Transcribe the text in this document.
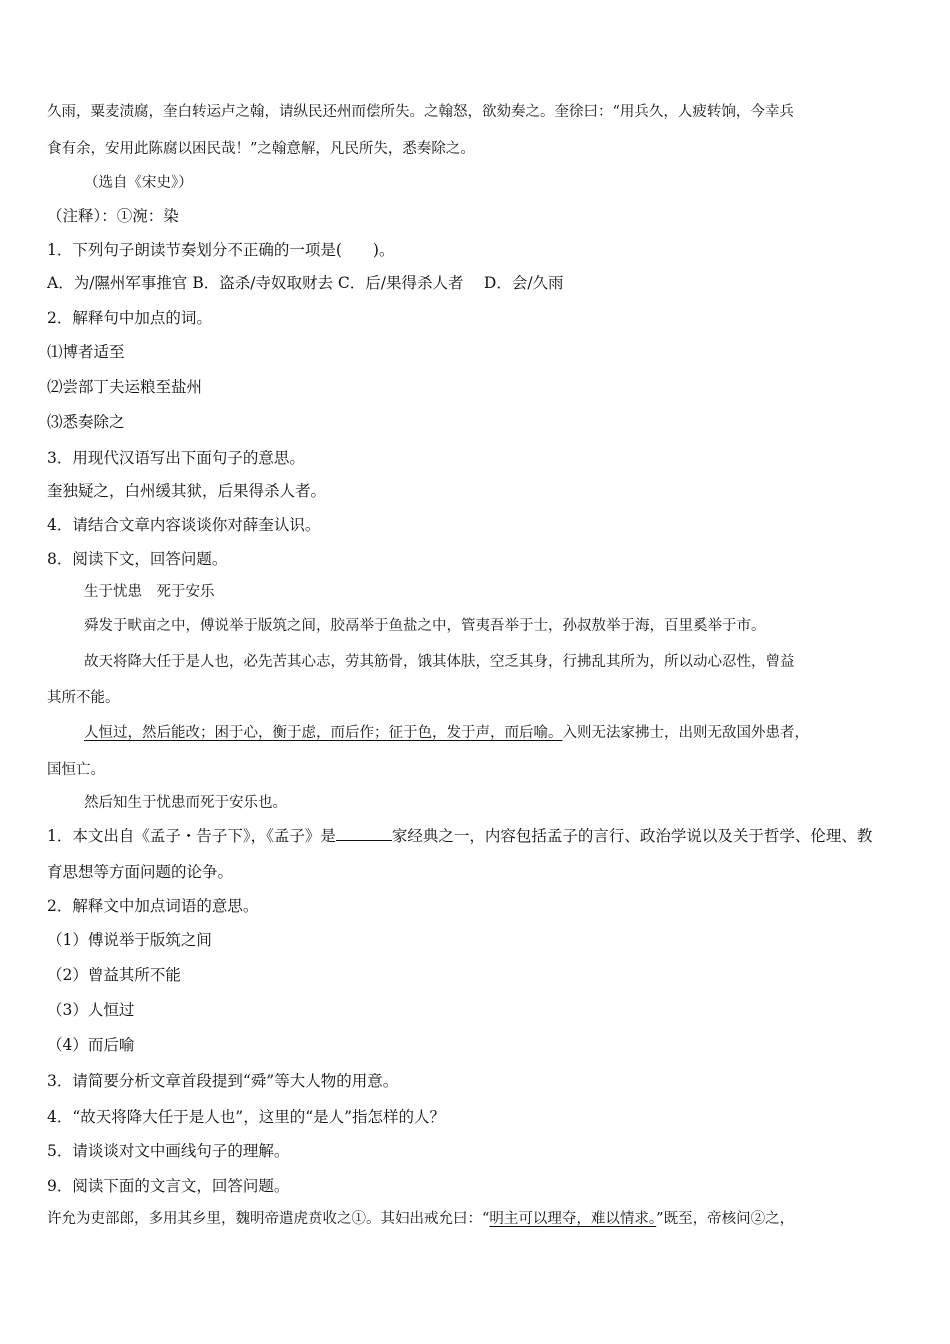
久雨，粟麦渍腐，奎白转运卢之翰，请纵民还州而偿所失。之翰怒，欲劾奏之。奎徐曰：“用兵久，人疲转饷，今幸兵
食有余，安用此陈腐以困民哉！”之翰意解，凡民所失，悉奏除之。
（选自《宋史》）
（注释）：①涴：染
1．下列句子朗读节奏划分不正确的一项是(　　)。
A．为/隰州军事推官 B．盗杀/寺奴取财去 C．后/果得杀人者　 D．会/久雨
2．解释句中加点的词。
⑴博者适至
⑵尝部丁夫运粮至盐州
⑶悉奏除之
3．用现代汉语写出下面句子的意思。
奎独疑之，白州缓其狱，后果得杀人者。
4．请结合文章内容谈谈你对薛奎认识。
8．阅读下文，回答问题。
生于忧患　死于安乐
舜发于畎亩之中，傅说举于版筑之间，胶鬲举于鱼盐之中，管夷吾举于士，孙叔敖举于海，百里奚举于市。
故天将降大任于是人也，必先苦其心志，劳其筋骨，饿其体肤，空乏其身，行拂乱其所为，所以动心忍性，曾益
其所不能。
人恒过，然后能改；困于心，衡于虑，而后作；征于色，发于声，而后喻。入则无法家拂士，出则无敌国外患者，
国恒亡。
然后知生于忧患而死于安乐也。
1．本文出自《孟子・告子下》，《孟子》是	家经典之一，内容包括孟子的言行、政治学说以及关于哲学、伦理、教
育思想等方面问题的论争。
2．解释文中加点词语的意思。
（1）傅说举于版筑之间
（2）曾益其所不能
（3）人恒过
（4）而后喻
3．请简要分析文章首段提到“舜”等大人物的用意。
4．“故天将降大任于是人也”，这里的“是人”指怎样的人？
5．请谈谈对文中画线句子的理解。
9．阅读下面的文言文，回答问题。
许允为吏部郎，多用其乡里，魏明帝遣虎贲收之①。其妇出戒允曰：“明主可以理夺，难以情求。”既至，帝核问②之，
